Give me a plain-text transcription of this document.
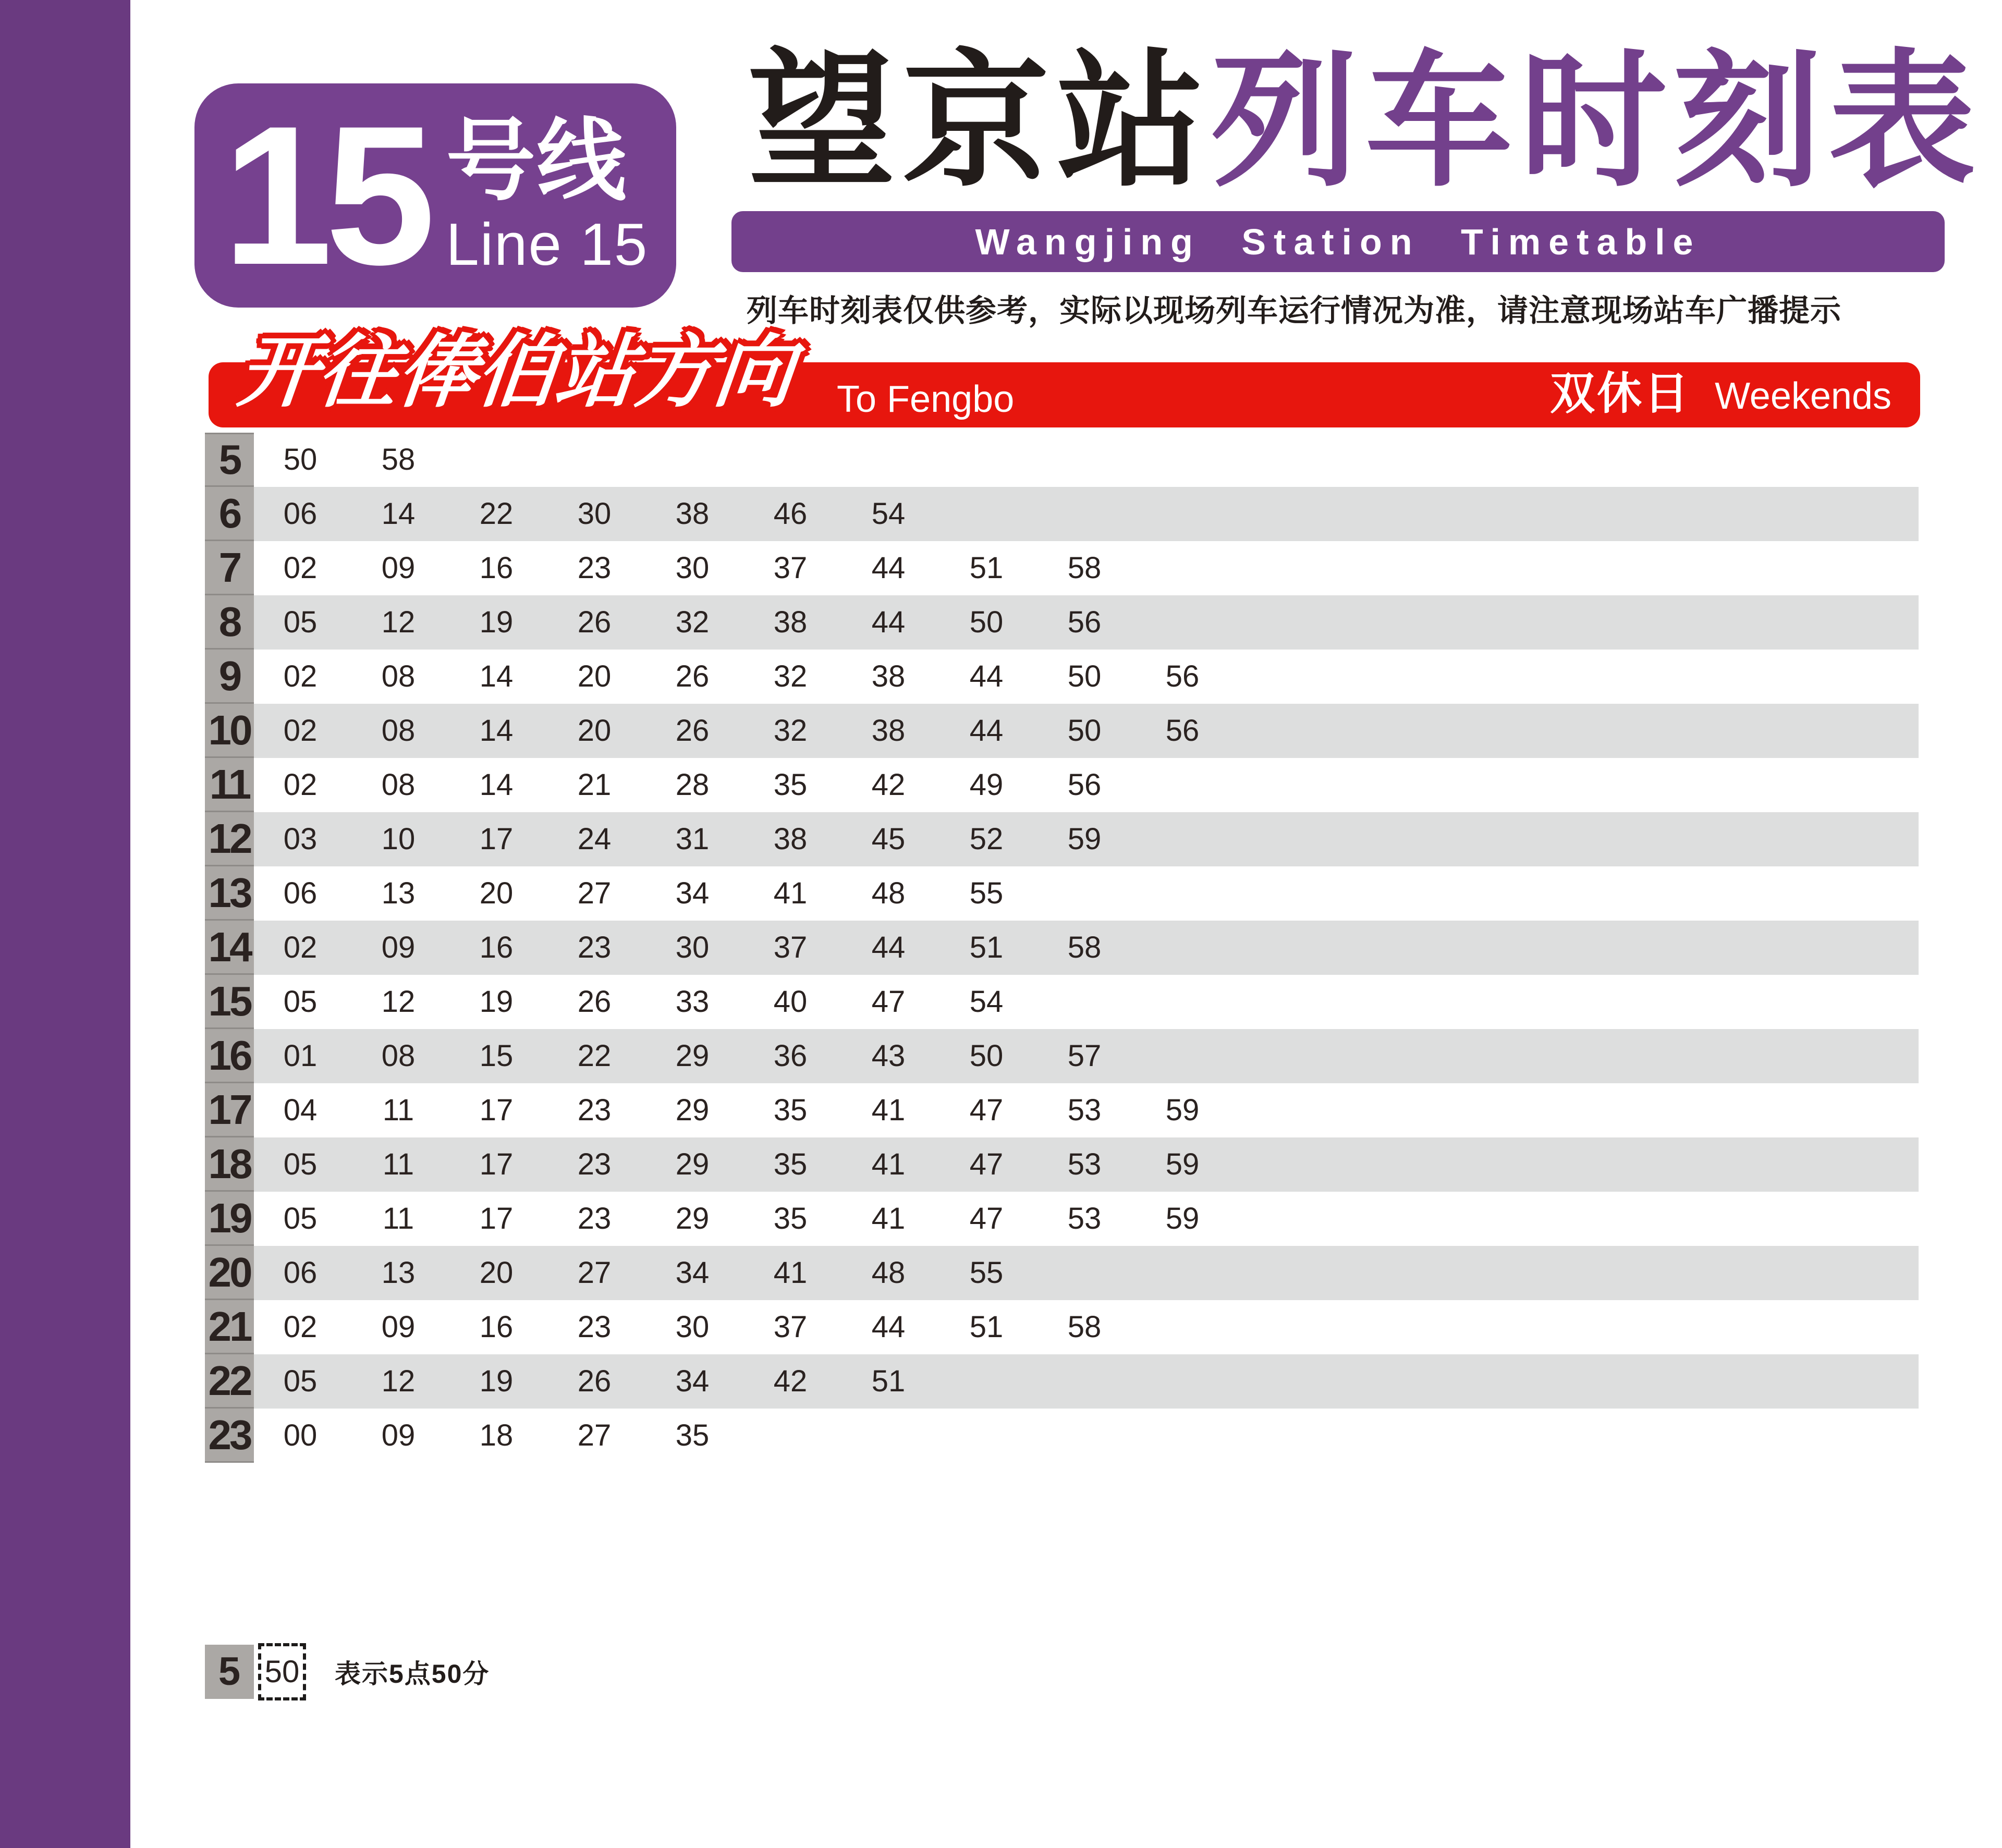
15 号线
Line 15
望京站列车时刻表
Wangjing Station Timetable
列车时刻表仅供参考，实际以现场列车运行情况为准，请注意现场站车广播提示
开往俸伯站方向 To Fengbo	双休日 Weekends
5	50	58
6	06	14	22	30	38	46	54
7	02	09	16	23	30	37	44	51	58
8	05	12	19	26	32	38	44	50	56
9	02	08	14	20	26	32	38	44	50	56
10	02	08	14	20	26	32	38	44	50	56
11	02	08	14	21	28	35	42	49	56
12	03	10	17	24	31	38	45	52	59
13	06	13	20	27	34	41	48	55
14	02	09	16	23	30	37	44	51	58
15	05	12	19	26	33	40	47	54
16	01	08	15	22	29	36	43	50	57
17	04	11	17	23	29	35	41	47	53	59
18	05	11	17	23	29	35	41	47	53	59
19	05	11	17	23	29	35	41	47	53	59
20	06	13	20	27	34	41	48	55
21	02	09	16	23	30	37	44	51	58
22	05	12	19	26	34	42	51
23	00	09	18	27	35
5 50 表示5点50分
